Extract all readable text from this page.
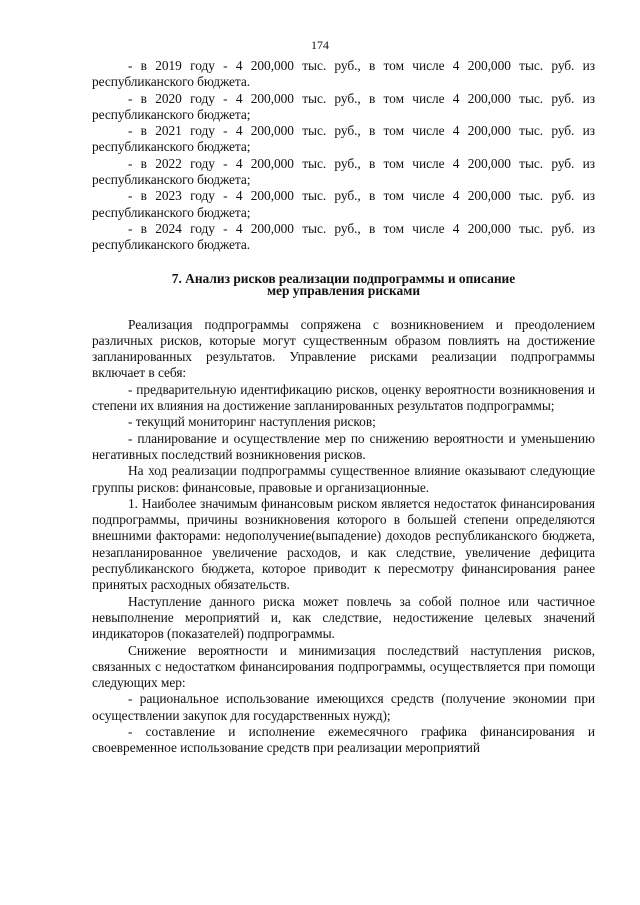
174

- в 2019 году - 4 200,000 тыс. руб., в том числе 4 200,000 тыс. руб. из

республиканского бюджета.

- в 2020 году - 4 200,000 тыс. руб., в том числе 4 200,000 тыс. руб. из

республиканского бюджета;

- в 2021 году - 4 200,000 тыс. руб., в том числе 4 200,000 тыс. руб. из

республиканского бюджета;

- в 2022 году - 4 200,000 тыс. руб., в том числе 4 200,000 тыс. руб. из

республиканского бюджета;

- в 2023 году - 4 200,000 тыс. руб., в том числе 4 200,000 тыс. руб. из

республиканского бюджета;

- в 2024 году - 4 200,000 тыс. руб., в том числе 4 200,000 тыс. руб. из

республиканского бюджета.

7. Анализ рисков реализации подпрограммы и описание
мер управления рисками

Реализация подпрограммы сопряжена с возникновением и преодолением различных рисков, которые могут существенным образом повлиять на достижение запланированных результатов. Управление рисками реализации подпрограммы включает в себя:

- предварительную идентификацию рисков, оценку вероятности возникновения и степени их влияния на достижение запланированных результатов подпрограммы;

- текущий мониторинг наступления рисков;

- планирование и осуществление мер по снижению вероятности и уменьшению негативных последствий возникновения рисков.

На ход реализации подпрограммы существенное влияние оказывают следующие группы рисков: финансовые, правовые и организационные.

1. Наиболее значимым финансовым риском является недостаток финансирования подпрограммы, причины возникновения которого в большей степени определяются внешними факторами: недополучение(выпадение) доходов республиканского бюджета, незапланированное увеличение расходов, и как следствие, увеличение дефицита республиканского бюджета, которое приводит к пересмотру финансирования ранее принятых расходных обязательств.

Наступление данного риска может повлечь за собой полное или частичное невыполнение мероприятий и, как следствие, недостижение целевых значений индикаторов (показателей) подпрограммы.

Снижение вероятности и минимизация последствий наступления рисков, связанных с недостатком финансирования подпрограммы, осуществляется при помощи следующих мер:

- рациональное использование имеющихся средств (получение экономии при осуществлении закупок для государственных нужд);

- составление и исполнение ежемесячного графика финансирования и своевременное использование средств при реализации мероприятий
